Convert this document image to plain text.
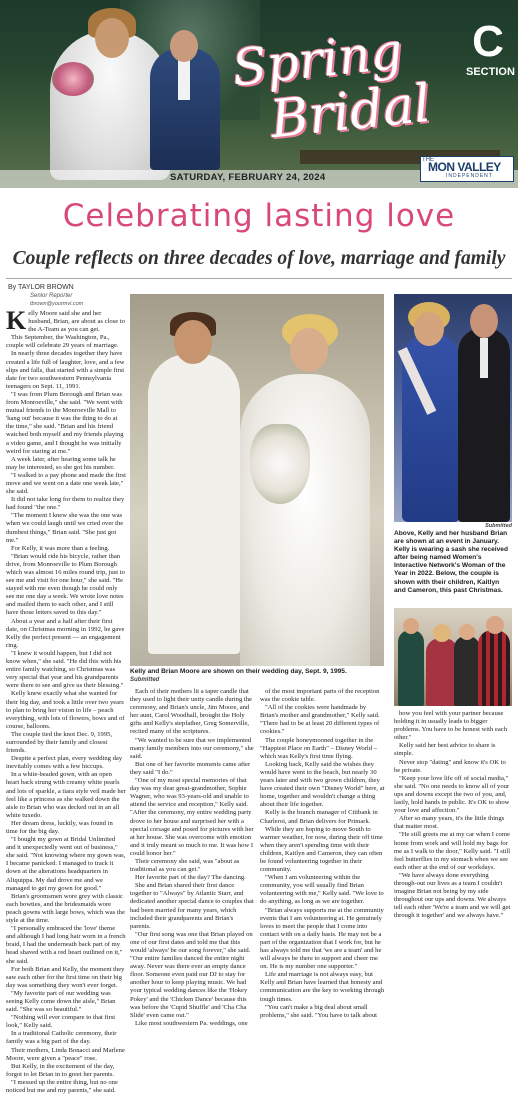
Spring
Bridal
C
SECTION
SATURDAY, FEBRUARY 24, 2024
THE
MON VALLEY
INDEPENDENT
Celebrating lasting love
Couple reflects on three decades of love, marriage and family
By TAYLOR BROWN
Senior Reporter
tbrown@yourmvi.com

Kelly Moore said she and her husband, Brian, are about as close to the A-Team as you can get.

This September, the Washington, Pa., couple will celebrate 29 years of marriage.

In nearly three decades together they have created a life full of laughter, love, and a few slips and falls, that started with a simple first date for two southwestern Pennsylvania teenagers on Sept. 11, 1991.

"I was from Plum Borough and Brian was from Monroeville," she said. "We went with mutual friends to the Monroeville Mall to 'hang out' because it was the thing to do at the time," she said. "Brian and his friend watched both myself and my friends playing a video game, and I thought he was initially weird for staring at me."

A week later, after hearing some talk he may be interested, so she got his number.

"I walked to a pay phone and made the first move and we went on a date one week late," she said.

It did not take long for them to realize they had found "the one."

"The moment I knew she was the one was when we could laugh until we cried over the dumbest things," Brian said. "She just got me."

For Kelly, it was more than a feeling.

"Brian would ride his bicycle, rather than drive, from Monroeville to Plum Borough which was almost 16 miles round trip, just to see me and visit for one hour," she said. "He stayed with me even though he could only see me one day a week. We wrote love notes and mailed them to each other, and I still have those letters saved to this day."

About a year and a half after their first date, on Christmas morning in 1992, he gave Kelly the perfect present — an engagement ring.

"I knew it would happen, but I did not know when," she said. "He did this with his entire family watching, so Christmas was very special that year and his grandparents were there to see and give us their blessing."

Kelly knew exactly what she wanted for their big day, and took a little over two years to plan to bring her vision to life – peach everything, with lots of flowers, bows and of course, balloons.

The couple tied the knot Dec. 9, 1995, surrounded by their family and closest friends.

Despite a perfect plan, every wedding day inevitably comes with a few hiccups.

In a white-beaded gown, with an open heart back strung with creamy white pearls and lots of sparkle, a tiara style veil made her feel like a princess as she walked down the aisle to Brian who was decked out in an all white tuxedo.

Her dream dress, luckily, was found in time for the big day.

"I bought my gown at Bridal Unlimited and it unexpectedly went out of business," she said. "Not knowing where my gown was, I became panicked. I managed to track it down at the alterations headquarters in Aliquippa. My dad drove me and we managed to get my gown for good."

Brian's groomsmen wore grey with classic each bowties, and the bridesmaids wore peach gowns with large bows, which was the style at the time.

"I personally embraced the 'love' theme and although I had long hair worn in a french braid, I had the underneath back part of my head shaved with a red heart outlined on it," she said.

For both Brian and Kelly, the moment they saw each other for the first time on their big day was something they won't ever forget.

"My favorite part of our wedding was seeing Kelly come down the aisle," Brian said. "She was so beautiful."

"Nothing will ever compare to that first look," Kelly said.

In a traditional Catholic ceremony, their family was a big part of the day.

Their mothers, Linda Bonacci and Marlene Moore, were given a "peace" rose.

But Kelly, in the excitement of the day, forgot to let Brian in to greet her parents.

"I messed up the entire thing, but no one noticed but me and my parents," she said.

Kelly and Brian Moore are shown on their wedding day, Sept. 9, 1995.
Submitted

Each of their mothers lit a taper candle that they used to light their unity candle during the ceremony, and Brian's uncle, Jim Moore, and her aunt, Carol Woodhall, brought the Holy gifts and Kelly's stepfather, Greg Somerville, recited many of the scriptures.

"We wanted to be sure that we implemented many family members into our ceremony," she said.

But one of her favorite moments came after they said "I do."

"One of my most special memories of that day was my dear great-grandmother, Sophie Wagner, who was 93-years-old and unable to attend the service and reception," Kelly said. "After the ceremony, my entire wedding party drove to her house and surprised her with a special corsage and posed for pictures with her at her house. She was overcome with emotion and it truly meant so much to me. It was how I could honor her."

Their ceremony she said, was "about as traditional as you can get."

Her favorite part of the day? The dancing.

She and Brian shared their first dance together to "Always" by Atlantic Starr, and dedicated another special dance to couples that had been married for many years, which included their grandparents and Brian's parents.

"Our first song was one that Brian played on one of our first dates and told me that this would 'always' be our song forever," she said. "Our entire families danced the entire night away. Never was there ever an empty dance floor. Someone even paid our DJ to stay for another hour to keep playing music. We had your typical wedding dances like the 'Hokey Pokey' and the 'Chicken Dance' because this was before the 'Cupid Shuffle' and 'Cha Cha Slide' even came out."

Like most southwestern Pa. weddings, one

of the most important parts of the reception was the cookie table.

"All of the cookies were handmade by Brian's mother and grandmother," Kelly said. "There had to be at least 20 different types of cookies."

The couple honeymooned together in the "Happiest Place on Earth" – Disney World – which was Kelly's first time flying.

Looking back, Kelly said the wishes they would have went to the beach, but nearly 30 years later and with two grown children, they have created their own "Disney World" here, at home, together and wouldn't change a thing about their life together.

Kelly is the branch manager of Citibank in Charleroi, and Brian delivers for Primark.

While they are hoping to move South to warmer weather, for now, during their off time when they aren't spending time with their children, Kaitlyn and Cameron, they can often be found volunteering together in their community.

"When I am volunteering within the community, you will usually find Brian volunteering with me," Kelly said. "We love to do anything, as long as we are together.

"Brian always supports me at the community events that I am volunteering at. He genuinely loves to meet the people that I come into contact with on a daily basis. He may not be a part of the organization that I work for, but he has always told me that 'we are a team' and he will always be there to support and cheer me on. He is my number one supporter."

Life and marriage is not always easy, but Kelly and Brian have learned that honesty and communication are the key to working through tough times.

"You can't make a big deal about small problems," she said. "You have to talk about

Submitted
Above, Kelly and her husband Brian are shown at an event in January. Kelly is wearing a sash she received after being named Women's Interactive Network's Woman of the Year in 2022. Below, the couple is shown with their children, Kaitlyn and Cameron, this past Christmas.

how you feel with your partner because holding it in usually leads to bigger problems. You have to be honest with each other."

Kelly said her best advice to share is simple.

Never stop "dating" and know it's OK to be private.

"Keep your love life off of social media," she said. "No one needs to know all of your ups and downs except the two of you, and, lastly, hold hands in public. It's OK to show your love and affection."

After so many years, it's the little things that matter most.

"He still greets me at my car when I come home from work and will hold my bags for me as I walk to the door," Kelly said. "I still feel butterflies in my stomach when we see each other at the end of our workdays.

"We have always done everything through-out our lives as a team I couldn't imagine Brian not being by my side throughout our ups and downs. We always tell each other 'We're a team and we will get through it together' and we always have."
